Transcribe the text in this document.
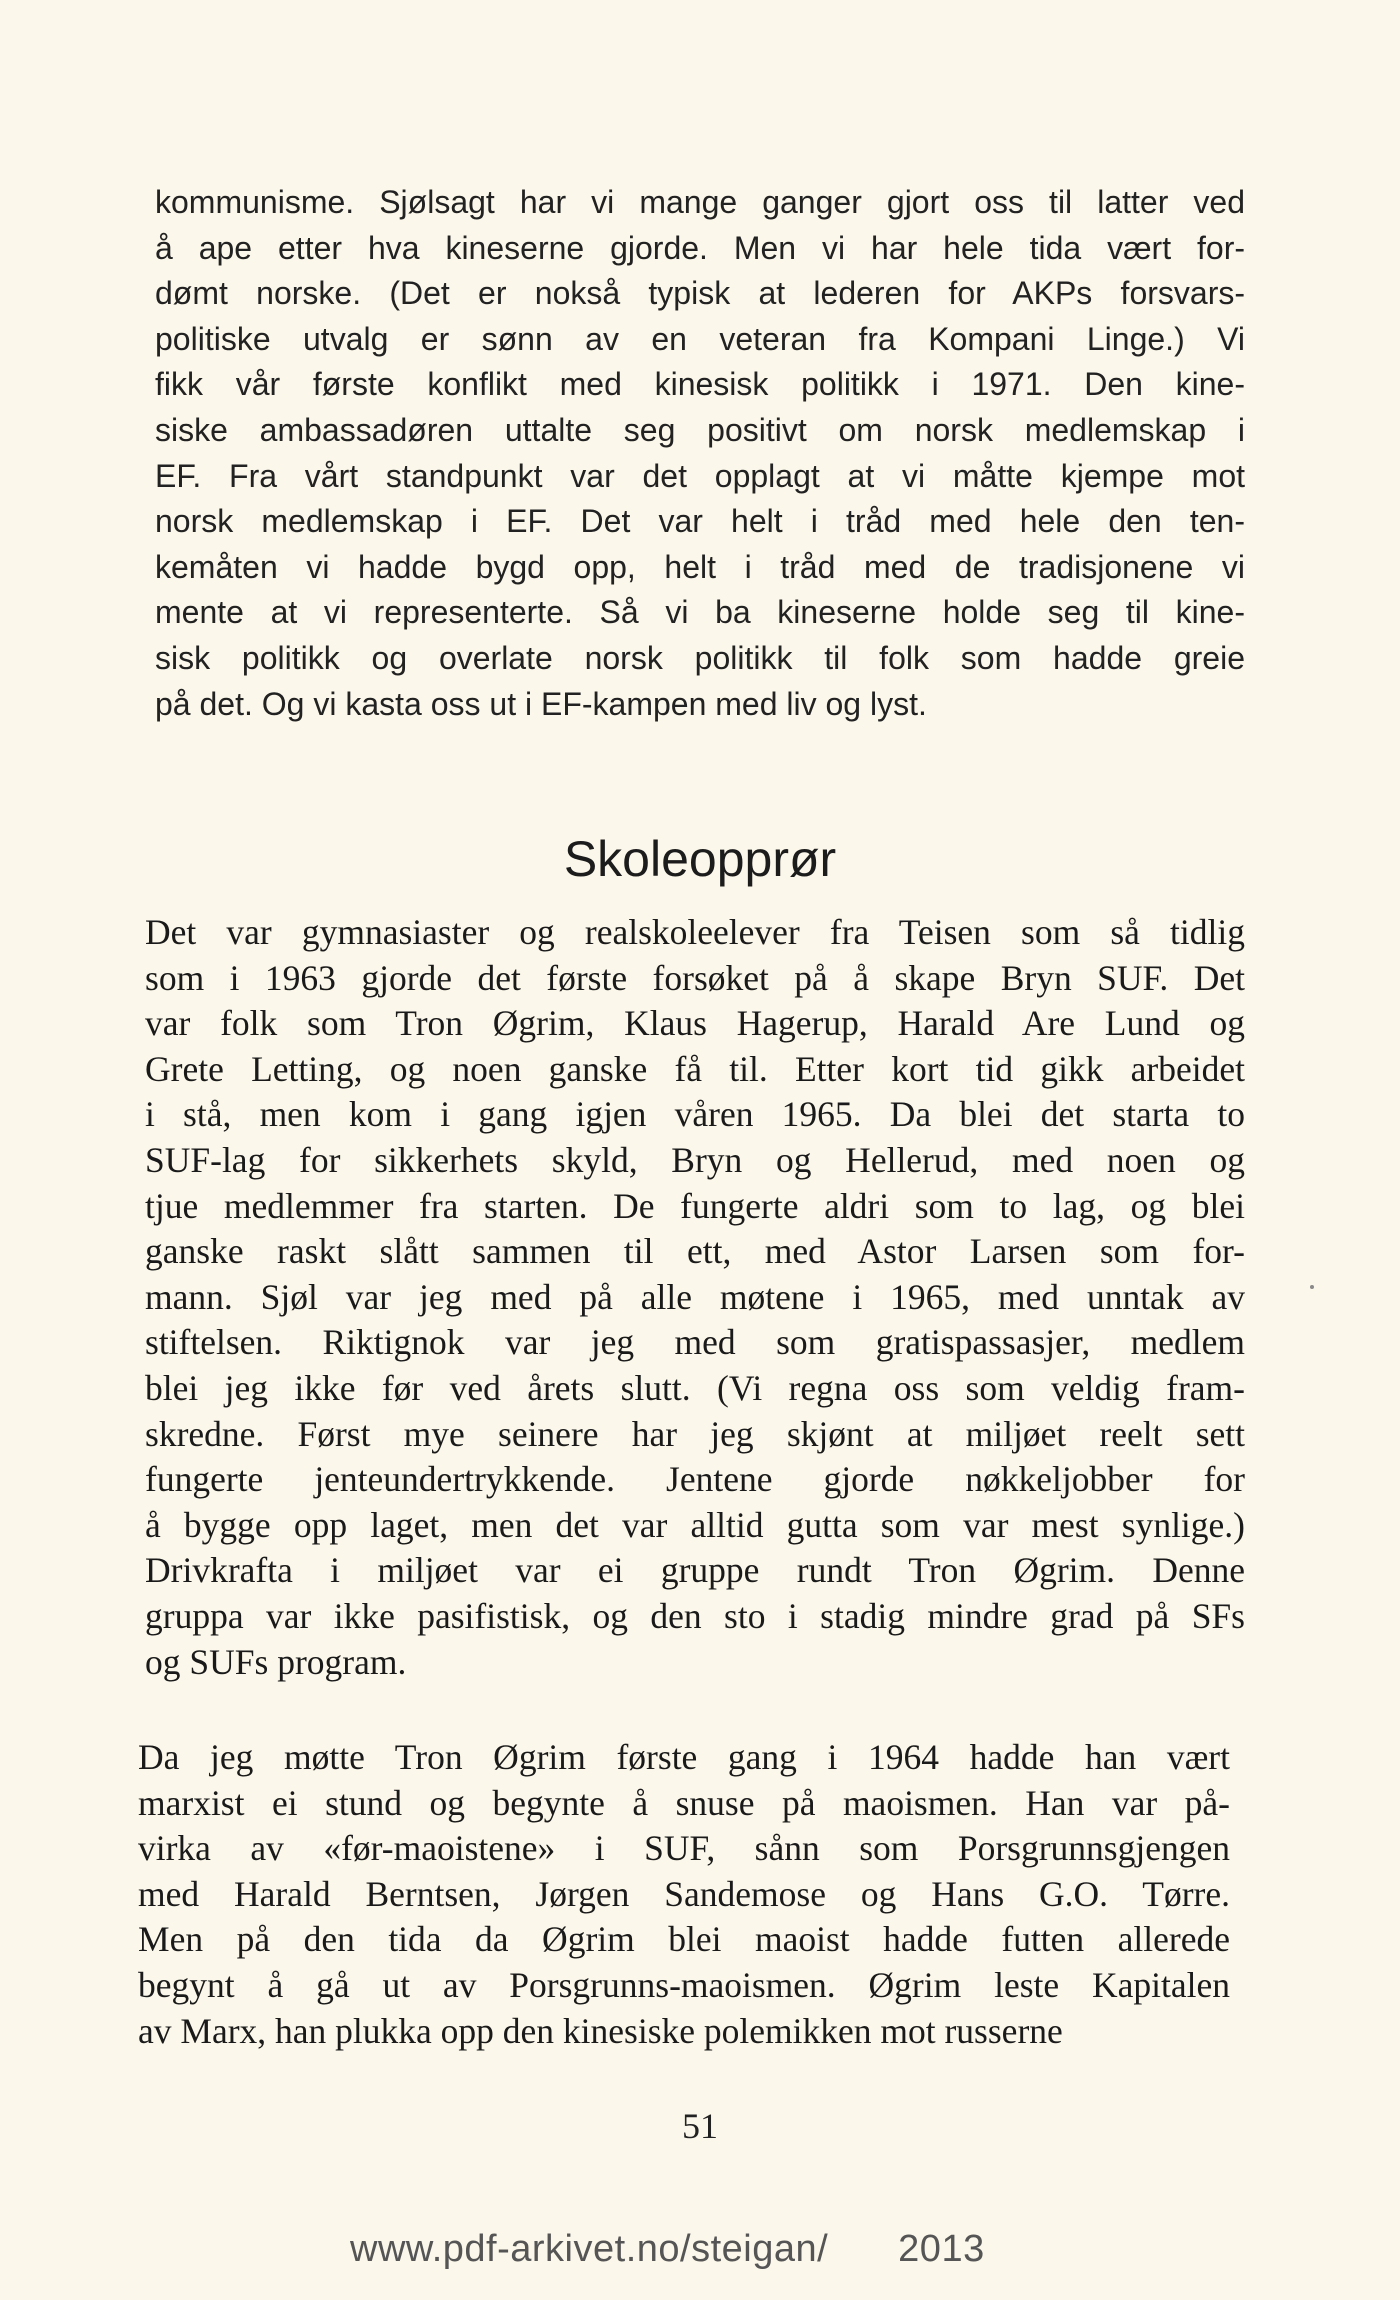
kommunisme. Sjølsagt har vi mange ganger gjort oss til latter ved
å ape etter hva kineserne gjorde. Men vi har hele tida vært for-
dømt norske. (Det er nokså typisk at lederen for AKPs forsvars-
politiske utvalg er sønn av en veteran fra Kompani Linge.) Vi
fikk vår første konflikt med kinesisk politikk i 1971. Den kine-
siske ambassadøren uttalte seg positivt om norsk medlemskap i
EF. Fra vårt standpunkt var det opplagt at vi måtte kjempe mot
norsk medlemskap i EF. Det var helt i tråd med hele den ten-
kemåten vi hadde bygd opp, helt i tråd med de tradisjonene vi
mente at vi representerte. Så vi ba kineserne holde seg til kine-
sisk politikk og overlate norsk politikk til folk som hadde greie
på det. Og vi kasta oss ut i EF-kampen med liv og lyst.
Skoleopprør
Det var gymnasiaster og realskoleelever fra Teisen som så tidlig
som i 1963 gjorde det første forsøket på å skape Bryn SUF. Det
var folk som Tron Øgrim, Klaus Hagerup, Harald Are Lund og
Grete Letting, og noen ganske få til. Etter kort tid gikk arbeidet
i stå, men kom i gang igjen våren 1965. Da blei det starta to
SUF-lag for sikkerhets skyld, Bryn og Hellerud, med noen og
tjue medlemmer fra starten. De fungerte aldri som to lag, og blei
ganske raskt slått sammen til ett, med Astor Larsen som for-
mann. Sjøl var jeg med på alle møtene i 1965, med unntak av
stiftelsen. Riktignok var jeg med som gratispassasjer, medlem
blei jeg ikke før ved årets slutt. (Vi regna oss som veldig fram-
skredne. Først mye seinere har jeg skjønt at miljøet reelt sett
fungerte jenteundertrykkende. Jentene gjorde nøkkeljobber for
å bygge opp laget, men det var alltid gutta som var mest synlige.)
Drivkrafta i miljøet var ei gruppe rundt Tron Øgrim. Denne
gruppa var ikke pasifistisk, og den sto i stadig mindre grad på SFs
og SUFs program.
Da jeg møtte Tron Øgrim første gang i 1964 hadde han vært
marxist ei stund og begynte å snuse på maoismen. Han var på-
virka av «før-maoistene» i SUF, sånn som Porsgrunnsgjengen
med Harald Berntsen, Jørgen Sandemose og Hans G.O. Tørre.
Men på den tida da Øgrim blei maoist hadde futten allerede
begynt å gå ut av Porsgrunns-maoismen. Øgrim leste Kapitalen
av Marx, han plukka opp den kinesiske polemikken mot russerne
51
www.pdf-arkivet.no/steigan/ 2013
